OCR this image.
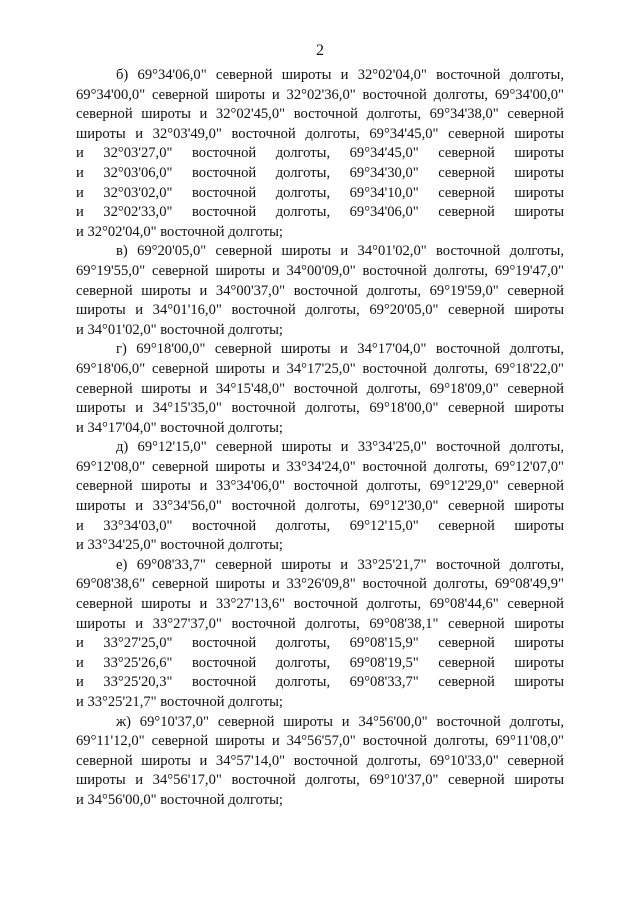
2
б) 69°34'06,0" северной широты и 32°02'04,0" восточной долготы,
69°34'00,0" северной широты и 32°02'36,0" восточной долготы, 69°34'00,0"
северной широты и 32°02'45,0" восточной долготы, 69°34'38,0" северной
широты и 32°03'49,0" восточной долготы, 69°34'45,0" северной широты
и 32°03'27,0" восточной долготы, 69°34'45,0" северной широты
и 32°03'06,0" восточной долготы, 69°34'30,0" северной широты
и 32°03'02,0" восточной долготы, 69°34'10,0" северной широты
и 32°02'33,0" восточной долготы, 69°34'06,0" северной широты
и 32°02'04,0" восточной долготы;
в) 69°20'05,0" северной широты и 34°01'02,0" восточной долготы,
69°19'55,0" северной широты и 34°00'09,0" восточной долготы, 69°19'47,0"
северной широты и 34°00'37,0" восточной долготы, 69°19'59,0" северной
широты и 34°01'16,0" восточной долготы, 69°20'05,0" северной широты
и 34°01'02,0" восточной долготы;
г) 69°18'00,0" северной широты и 34°17'04,0" восточной долготы,
69°18'06,0" северной широты и 34°17'25,0" восточной долготы, 69°18'22,0"
северной широты и 34°15'48,0" восточной долготы, 69°18'09,0" северной
широты и 34°15'35,0" восточной долготы, 69°18'00,0" северной широты
и 34°17'04,0" восточной долготы;
д) 69°12'15,0" северной широты и 33°34'25,0" восточной долготы,
69°12'08,0" северной широты и 33°34'24,0" восточной долготы, 69°12'07,0"
северной широты и 33°34'06,0" восточной долготы, 69°12'29,0" северной
широты и 33°34'56,0" восточной долготы, 69°12'30,0" северной широты
и 33°34'03,0" восточной долготы, 69°12'15,0" северной широты
и 33°34'25,0" восточной долготы;
е) 69°08'33,7" северной широты и 33°25'21,7" восточной долготы,
69°08'38,6" северной широты и 33°26'09,8" восточной долготы, 69°08'49,9"
северной широты и 33°27'13,6" восточной долготы, 69°08'44,6" северной
широты и 33°27'37,0" восточной долготы, 69°08'38,1" северной широты
и 33°27'25,0" восточной долготы, 69°08'15,9" северной широты
и 33°25'26,6" восточной долготы, 69°08'19,5" северной широты
и 33°25'20,3" восточной долготы, 69°08'33,7" северной широты
и 33°25'21,7" восточной долготы;
ж) 69°10'37,0" северной широты и 34°56'00,0" восточной долготы,
69°11'12,0" северной широты и 34°56'57,0" восточной долготы, 69°11'08,0"
северной широты и 34°57'14,0" восточной долготы, 69°10'33,0" северной
широты и 34°56'17,0" восточной долготы, 69°10'37,0" северной широты
и 34°56'00,0" восточной долготы;
